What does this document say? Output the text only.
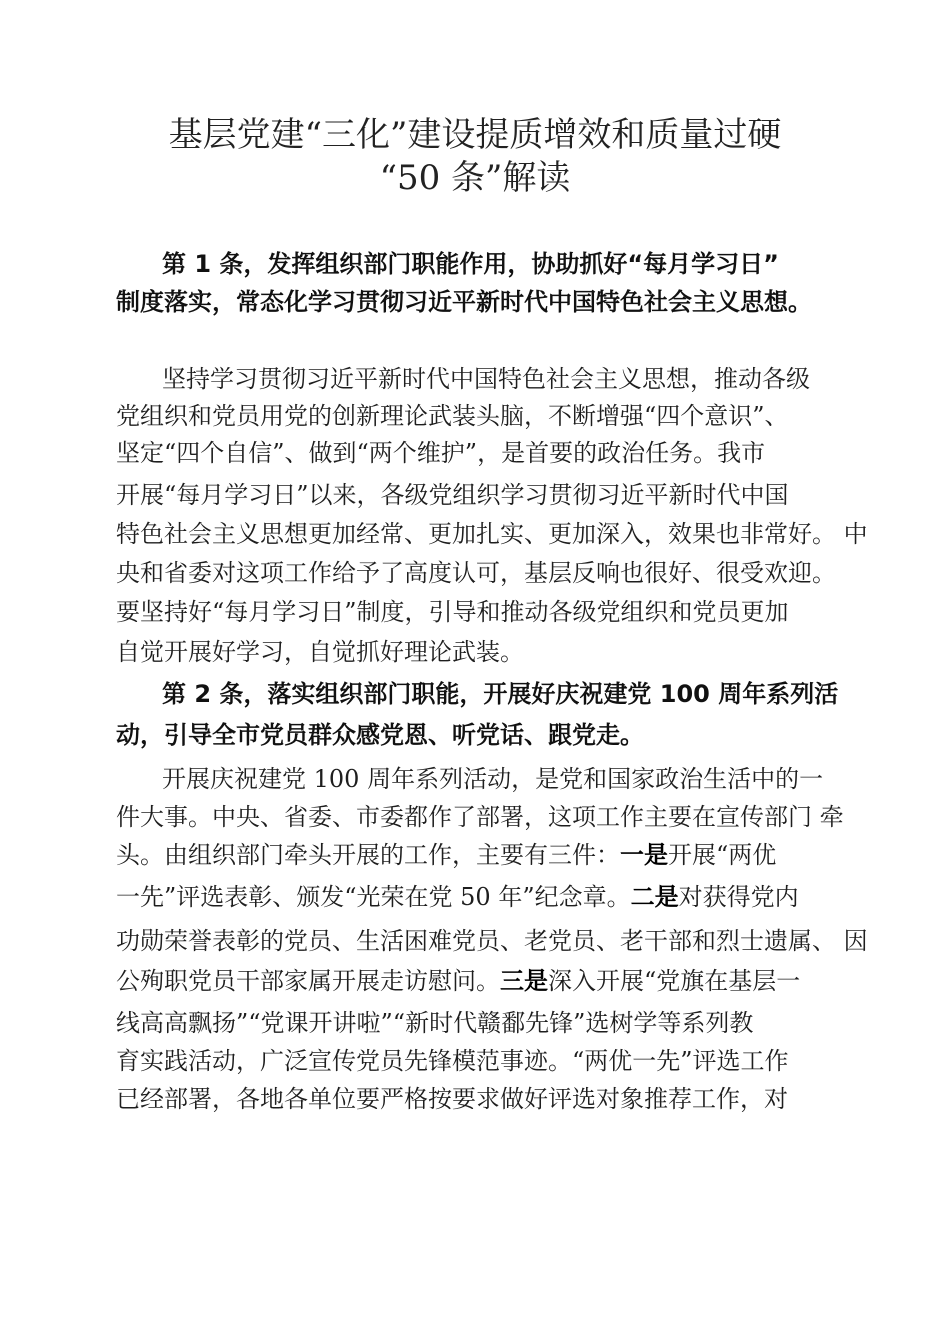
基层党建“三化”建设提质增效和质量过硬
“50 条”解读
第 1 条，发挥组织部门职能作用，协助抓好“每月学习日”
制度落实，常态化学习贯彻习近平新时代中国特色社会主义思想。
坚持学习贯彻习近平新时代中国特色社会主义思想，推动各级
党组织和党员用党的创新理论武装头脑，不断增强“四个意识”、
坚定“四个自信”、做到“两个维护”，是首要的政治任务。我市
开展“每月学习日”以来，各级党组织学习贯彻习近平新时代中国
特色社会主义思想更加经常、更加扎实、更加深入，效果也非常好。 中
央和省委对这项工作给予了高度认可，基层反响也很好、很受欢迎。
要坚持好“每月学习日”制度，引导和推动各级党组织和党员更加
自觉开展好学习，自觉抓好理论武装。
第 2 条，落实组织部门职能，开展好庆祝建党 100 周年系列活
动，引导全市党员群众感党恩、听党话、跟党走。
开展庆祝建党 100 周年系列活动，是党和国家政治生活中的一
件大事。中央、省委、市委都作了部署，这项工作主要在宣传部门 牵
头。由组织部门牵头开展的工作，主要有三件：一是开展“两优
一先”评选表彰、颁发“光荣在党 50 年”纪念章。二是对获得党内
功勋荣誉表彰的党员、生活困难党员、老党员、老干部和烈士遗属、 因
公殉职党员干部家属开展走访慰问。三是深入开展“党旗在基层一
线高高飘扬”“党课开讲啦”“新时代赣鄱先锋”选树学等系列教
育实践活动，广泛宣传党员先锋模范事迹。“两优一先”评选工作
已经部署，各地各单位要严格按要求做好评选对象推荐工作，对
